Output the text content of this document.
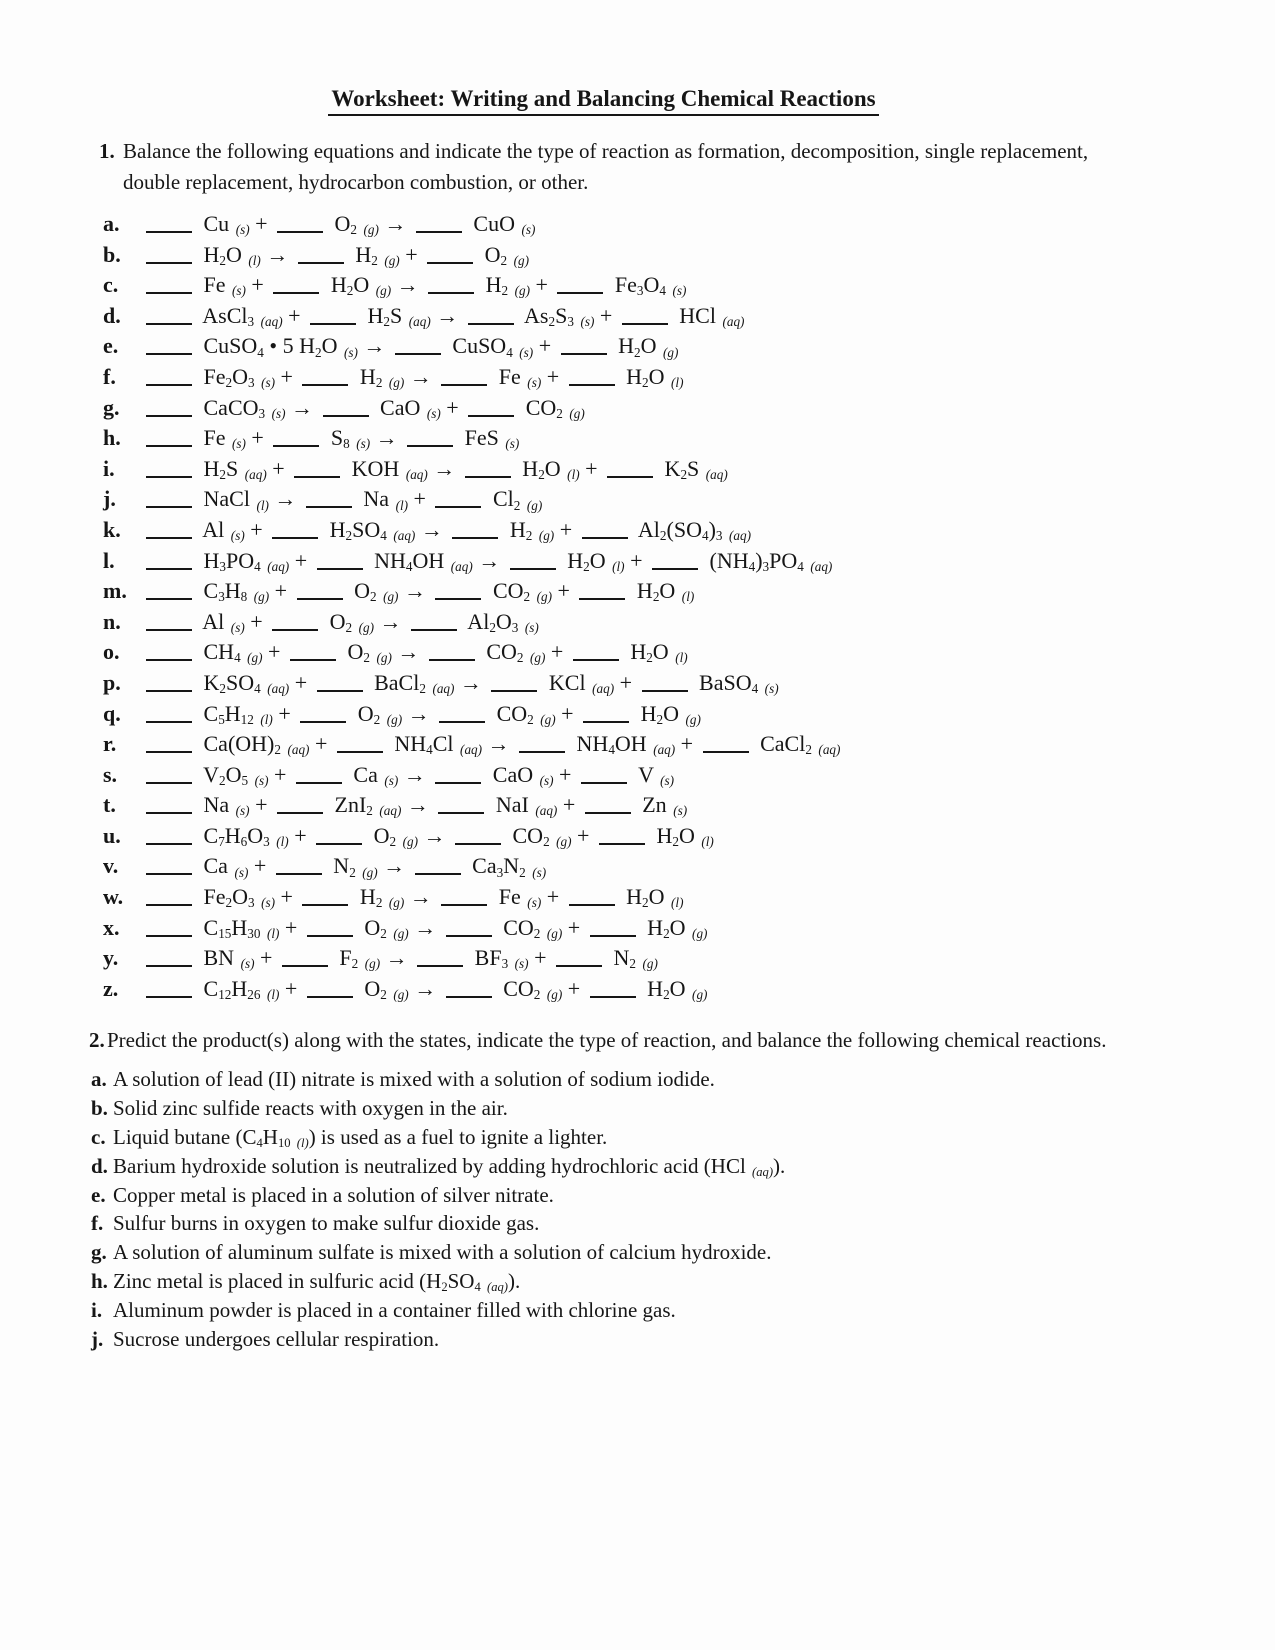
Worksheet: Writing and Balancing Chemical Reactions
1. Balance the following equations and indicate the type of reaction as formation, decomposition, single replacement, double replacement, hydrocarbon combustion, or other.
a.	Cu $_{(s)}$ +	$O_2$ $_{(g)}$ →	CuO $_{(s)}$
b.	$H_2O$ $_{(l)}$ →	$H_2$ $_{(g)}$ +	$O_2$ $_{(g)}$
c.	Fe $_{(s)}$ +	$H_2O$ $_{(g)}$ →	$H_2$ $_{(g)}$ +	$Fe_3O_4$ $_{(s)}$
d.	AsCl$_3$ $_{(aq)}$ +	$H_2S$ $_{(aq)}$ →	$As_2S_3$ $_{(s)}$ +	HCl $_{(aq)}$
e.	CuSO$_4$ • 5 $H_2O$ $_{(s)}$ →	CuSO$_4$ $_{(s)}$ +	$H_2O$ $_{(g)}$
f.	$Fe_2O_3$ $_{(s)}$ +	$H_2$ $_{(g)}$ →	Fe $_{(s)}$ +	$H_2O$ $_{(l)}$
g.	CaCO$_3$ $_{(s)}$ →	CaO $_{(s)}$ +	$CO_2$ $_{(g)}$
h.	Fe $_{(s)}$ +	$S_8$ $_{(s)}$ →	FeS $_{(s)}$
i.	$H_2S$ $_{(aq)}$ +	KOH $_{(aq)}$ →	$H_2O$ $_{(l)}$ +	$K_2S$ $_{(aq)}$
j.	NaCl $_{(l)}$ →	Na $_{(l)}$ +	$Cl_2$ $_{(g)}$
k.	Al $_{(s)}$ +	$H_2SO_4$ $_{(aq)}$ →	$H_2$ $_{(g)}$ +	$Al_2(SO_4)_3$ $_{(aq)}$
l.	$H_3PO_4$ $_{(aq)}$ +	$NH_4OH$ $_{(aq)}$ →	$H_2O$ $_{(l)}$ +	$(NH_4)_3PO_4$ $_{(aq)}$
m.	$C_3H_8$ $_{(g)}$ +	$O_2$ $_{(g)}$ →	$CO_2$ $_{(g)}$ +	$H_2O$ $_{(l)}$
n.	Al $_{(s)}$ +	$O_2$ $_{(g)}$ →	$Al_2O_3$ $_{(s)}$
o.	$CH_4$ $_{(g)}$ +	$O_2$ $_{(g)}$ →	$CO_2$ $_{(g)}$ +	$H_2O$ $_{(l)}$
p.	$K_2SO_4$ $_{(aq)}$ +	BaCl$_2$ $_{(aq)}$ →	KCl $_{(aq)}$ +	BaSO$_4$ $_{(s)}$
q.	$C_5H_{12}$ $_{(l)}$ +	$O_2$ $_{(g)}$ →	$CO_2$ $_{(g)}$ +	$H_2O$ $_{(g)}$
r.	$Ca(OH)_2$ $_{(aq)}$ +	$NH_4Cl$ $_{(aq)}$ →	$NH_4OH$ $_{(aq)}$ +	CaCl$_2$ $_{(aq)}$
s.	$V_2O_5$ $_{(s)}$ +	Ca $_{(s)}$ →	CaO $_{(s)}$ +	V $_{(s)}$
t.	Na $_{(s)}$ +	ZnI$_2$ $_{(aq)}$ →	NaI $_{(aq)}$ +	Zn $_{(s)}$
u.	$C_7H_6O_3$ $_{(l)}$ +	$O_2$ $_{(g)}$ →	$CO_2$ $_{(g)}$ +	$H_2O$ $_{(l)}$
v.	Ca $_{(s)}$ +	$N_2$ $_{(g)}$ →	$Ca_3N_2$ $_{(s)}$
w.	$Fe_2O_3$ $_{(s)}$ +	$H_2$ $_{(g)}$ →	Fe $_{(s)}$ +	$H_2O$ $_{(l)}$
x.	$C_{15}H_{30}$ $_{(l)}$ +	$O_2$ $_{(g)}$ →	$CO_2$ $_{(g)}$ +	$H_2O$ $_{(g)}$
y.	BN $_{(s)}$ +	$F_2$ $_{(g)}$ →	$BF_3$ $_{(s)}$ +	$N_2$ $_{(g)}$
z.	$C_{12}H_{26}$ $_{(l)}$ +	$O_2$ $_{(g)}$ →	$CO_2$ $_{(g)}$ +	$H_2O$ $_{(g)}$
2. Predict the product(s) along with the states, indicate the type of reaction, and balance the following chemical reactions.
a. A solution of lead (II) nitrate is mixed with a solution of sodium iodide.
b. Solid zinc sulfide reacts with oxygen in the air.
c. Liquid butane ($C_4H_{10}$ $_{(l)}$) is used as a fuel to ignite a lighter.
d. Barium hydroxide solution is neutralized by adding hydrochloric acid (HCl $_{(aq)}$).
e. Copper metal is placed in a solution of silver nitrate.
f. Sulfur burns in oxygen to make sulfur dioxide gas.
g. A solution of aluminum sulfate is mixed with a solution of calcium hydroxide.
h. Zinc metal is placed in sulfuric acid ($H_2SO_4$ $_{(aq)}$).
i. Aluminum powder is placed in a container filled with chlorine gas.
j. Sucrose undergoes cellular respiration.
